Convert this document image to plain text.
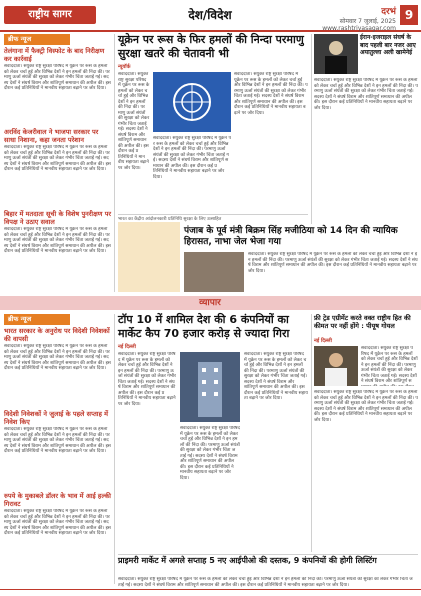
राष्ट्रीय सागर	देश/विदेश	दरभं
सोमवार 7 जुलाई, 2025
www.rashtriyasagar.com
9
ब्रीफ न्यूज
तेलंगाना में फैक्ट्री विस्फोट के बाद निरीक्षण कर कार्रवाई
संवाददाता। संयुक्त राष्ट्र सुरक्षा परिषद में यूक्रेन पर रूस के हमलों को लेकर चर्चा हुई और विभिन्न देशों ने इन हमलों की निंदा की। परमाणु ऊर्जा संयंत्रों की सुरक्षा को लेकर गंभीर चिंता जताई गई। सदस्य देशों ने संघर्ष विराम और शांतिपूर्ण समाधान की अपील की। इस दौरान कई प्रतिनिधियों ने मानवीय सहायता बढ़ाने पर जोर दिया।
अरविंद केजरीवाल ने भाजपा सरकार पर साधा निशाना, कहा जनता परेशान
संवाददाता। संयुक्त राष्ट्र सुरक्षा परिषद में यूक्रेन पर रूस के हमलों को लेकर चर्चा हुई और विभिन्न देशों ने इन हमलों की निंदा की। परमाणु ऊर्जा संयंत्रों की सुरक्षा को लेकर गंभीर चिंता जताई गई। सदस्य देशों ने संघर्ष विराम और शांतिपूर्ण समाधान की अपील की। इस दौरान कई प्रतिनिधियों ने मानवीय सहायता बढ़ाने पर जोर दिया।
बिहार में मतदाता सूची के विशेष पुनरीक्षण पर विपक्ष ने उठाए सवाल
संवाददाता। संयुक्त राष्ट्र सुरक्षा परिषद में यूक्रेन पर रूस के हमलों को लेकर चर्चा हुई और विभिन्न देशों ने इन हमलों की निंदा की। परमाणु ऊर्जा संयंत्रों की सुरक्षा को लेकर गंभीर चिंता जताई गई। सदस्य देशों ने संघर्ष विराम और शांतिपूर्ण समाधान की अपील की। इस दौरान कई प्रतिनिधियों ने मानवीय सहायता बढ़ाने पर जोर दिया।
यूक्रेन पर रूस के फिर हमलों की निन्दा परमाणु सुरक्षा खतरे की चेतावनी भी
न्यूयॉर्क
संवाददाता। संयुक्त राष्ट्र सुरक्षा परिषद में यूक्रेन पर रूस के हमलों को लेकर चर्चा हुई और विभिन्न देशों ने इन हमलों की निंदा की। परमाणु ऊर्जा संयंत्रों की सुरक्षा को लेकर गंभीर चिंता जताई गई। सदस्य देशों ने संघर्ष विराम और शांतिपूर्ण समाधान की अपील की। इस दौरान कई प्रतिनिधियों ने मानवीय सहायता बढ़ाने पर जोर दिया।
संवाददाता। संयुक्त राष्ट्र सुरक्षा परिषद में यूक्रेन पर रूस के हमलों को लेकर चर्चा हुई और विभिन्न देशों ने इन हमलों की निंदा की। परमाणु ऊर्जा संयंत्रों की सुरक्षा को लेकर गंभीर चिंता जताई गई। सदस्य देशों ने संघर्ष विराम और शांतिपूर्ण समाधान की अपील की। इस दौरान कई प्रतिनिधियों ने मानवीय सहायता बढ़ाने पर जोर दिया।
संवाददाता। संयुक्त राष्ट्र सुरक्षा परिषद में यूक्रेन पर रूस के हमलों को लेकर चर्चा हुई और विभिन्न देशों ने इन हमलों की निंदा की। परमाणु ऊर्जा संयंत्रों की सुरक्षा को लेकर गंभीर चिंता जताई गई। सदस्य देशों ने संघर्ष विराम और शांतिपूर्ण समाधान की अपील की। इस दौरान कई प्रतिनिधियों ने मानवीय सहायता बढ़ाने पर जोर दिया।
भारत का केंद्रीय आंदोलनकारी प्रतिनिधि सुरक्षा के लिए उत्साहित
ईरान-इजराइल संघर्ष के बाद पहली बार नजर आए अयातुल्ला अली खामेनेई
संवाददाता। संयुक्त राष्ट्र सुरक्षा परिषद में यूक्रेन पर रूस के हमलों को लेकर चर्चा हुई और विभिन्न देशों ने इन हमलों की निंदा की। परमाणु ऊर्जा संयंत्रों की सुरक्षा को लेकर गंभीर चिंता जताई गई। सदस्य देशों ने संघर्ष विराम और शांतिपूर्ण समाधान की अपील की। इस दौरान कई प्रतिनिधियों ने मानवीय सहायता बढ़ाने पर जोर दिया।
पंजाब के पूर्व मंत्री बिक्रम सिंह मजीठिया को 14 दिन की न्यायिक हिरासत, नाभा जेल भेजा गया
संवाददाता। संयुक्त राष्ट्र सुरक्षा परिषद में यूक्रेन पर रूस के हमलों को लेकर चर्चा हुई और विभिन्न देशों ने इन हमलों की निंदा की। परमाणु ऊर्जा संयंत्रों की सुरक्षा को लेकर गंभीर चिंता जताई गई। सदस्य देशों ने संघर्ष विराम और शांतिपूर्ण समाधान की अपील की। इस दौरान कई प्रतिनिधियों ने मानवीय सहायता बढ़ाने पर जोर दिया।
व्यापार
ब्रीफ न्यूज
भारत सरकार के अनुरोध पर विदेशी निवेशकों की वापसी
संवाददाता। संयुक्त राष्ट्र सुरक्षा परिषद में यूक्रेन पर रूस के हमलों को लेकर चर्चा हुई और विभिन्न देशों ने इन हमलों की निंदा की। परमाणु ऊर्जा संयंत्रों की सुरक्षा को लेकर गंभीर चिंता जताई गई। सदस्य देशों ने संघर्ष विराम और शांतिपूर्ण समाधान की अपील की। इस दौरान कई प्रतिनिधियों ने मानवीय सहायता बढ़ाने पर जोर दिया।
विदेशी निवेशकों ने जुलाई के पहले सप्ताह में निवेश किए
संवाददाता। संयुक्त राष्ट्र सुरक्षा परिषद में यूक्रेन पर रूस के हमलों को लेकर चर्चा हुई और विभिन्न देशों ने इन हमलों की निंदा की। परमाणु ऊर्जा संयंत्रों की सुरक्षा को लेकर गंभीर चिंता जताई गई। सदस्य देशों ने संघर्ष विराम और शांतिपूर्ण समाधान की अपील की। इस दौरान कई प्रतिनिधियों ने मानवीय सहायता बढ़ाने पर जोर दिया।
रुपये के मुकाबले डॉलर के भाव में आई हल्की गिरावट
संवाददाता। संयुक्त राष्ट्र सुरक्षा परिषद में यूक्रेन पर रूस के हमलों को लेकर चर्चा हुई और विभिन्न देशों ने इन हमलों की निंदा की। परमाणु ऊर्जा संयंत्रों की सुरक्षा को लेकर गंभीर चिंता जताई गई। सदस्य देशों ने संघर्ष विराम और शांतिपूर्ण समाधान की अपील की। इस दौरान कई प्रतिनिधियों ने मानवीय सहायता बढ़ाने पर जोर दिया।
टॉप 10 में शामिल देश की 6 कंपनियों का मार्केट कैप 70 हजार करोड़ से ज्यादा गिरा
नई दिल्ली
संवाददाता। संयुक्त राष्ट्र सुरक्षा परिषद में यूक्रेन पर रूस के हमलों को लेकर चर्चा हुई और विभिन्न देशों ने इन हमलों की निंदा की। परमाणु ऊर्जा संयंत्रों की सुरक्षा को लेकर गंभीर चिंता जताई गई। सदस्य देशों ने संघर्ष विराम और शांतिपूर्ण समाधान की अपील की। इस दौरान कई प्रतिनिधियों ने मानवीय सहायता बढ़ाने पर जोर दिया।
संवाददाता। संयुक्त राष्ट्र सुरक्षा परिषद में यूक्रेन पर रूस के हमलों को लेकर चर्चा हुई और विभिन्न देशों ने इन हमलों की निंदा की। परमाणु ऊर्जा संयंत्रों की सुरक्षा को लेकर गंभीर चिंता जताई गई। सदस्य देशों ने संघर्ष विराम और शांतिपूर्ण समाधान की अपील की। इस दौरान कई प्रतिनिधियों ने मानवीय सहायता बढ़ाने पर जोर दिया।
संवाददाता। संयुक्त राष्ट्र सुरक्षा परिषद में यूक्रेन पर रूस के हमलों को लेकर चर्चा हुई और विभिन्न देशों ने इन हमलों की निंदा की। परमाणु ऊर्जा संयंत्रों की सुरक्षा को लेकर गंभीर चिंता जताई गई। सदस्य देशों ने संघर्ष विराम और शांतिपूर्ण समाधान की अपील की। इस दौरान कई प्रतिनिधियों ने मानवीय सहायता बढ़ाने पर जोर दिया।
फ्री ट्रेड एग्रीमेंट करते वक्त राष्ट्रीय हित की कीमत पर नहीं होंगे : पीयूष गोयल
नई दिल्ली
संवाददाता। संयुक्त राष्ट्र सुरक्षा परिषद में यूक्रेन पर रूस के हमलों को लेकर चर्चा हुई और विभिन्न देशों ने इन हमलों की निंदा की। परमाणु ऊर्जा संयंत्रों की सुरक्षा को लेकर गंभीर चिंता जताई गई। सदस्य देशों ने संघर्ष विराम और शांतिपूर्ण स
संवाददाता। संयुक्त राष्ट्र सुरक्षा परिषद में यूक्रेन पर रूस के हमलों को लेकर चर्चा हुई और विभिन्न देशों ने इन हमलों की निंदा की। परमाणु ऊर्जा संयंत्रों की सुरक्षा को लेकर गंभीर चिंता जताई गई। सदस्य देशों ने संघर्ष विराम और शांतिपूर्ण समाधान की अपील की। इस दौरान कई प्रतिनिधियों ने मानवीय सहायता बढ़ाने पर जोर दिया।
प्राइमरी मार्केट में अगले सप्ताह 5 नए आईपीओ की दस्तक, 9 कंपनियों की होगी लिस्टिंग
संवाददाता। संयुक्त राष्ट्र सुरक्षा परिषद में यूक्रेन पर रूस के हमलों को लेकर चर्चा हुई और विभिन्न देशों ने इन हमलों की निंदा की। परमाणु ऊर्जा संयंत्रों की सुरक्षा को लेकर गंभीर चिंता जताई गई। सदस्य देशों ने संघर्ष विराम और शांतिपूर्ण समाधान की अपील की। इस दौरान कई प्रतिनिधियों ने मानवीय सहायता बढ़ाने पर जोर दिया।
